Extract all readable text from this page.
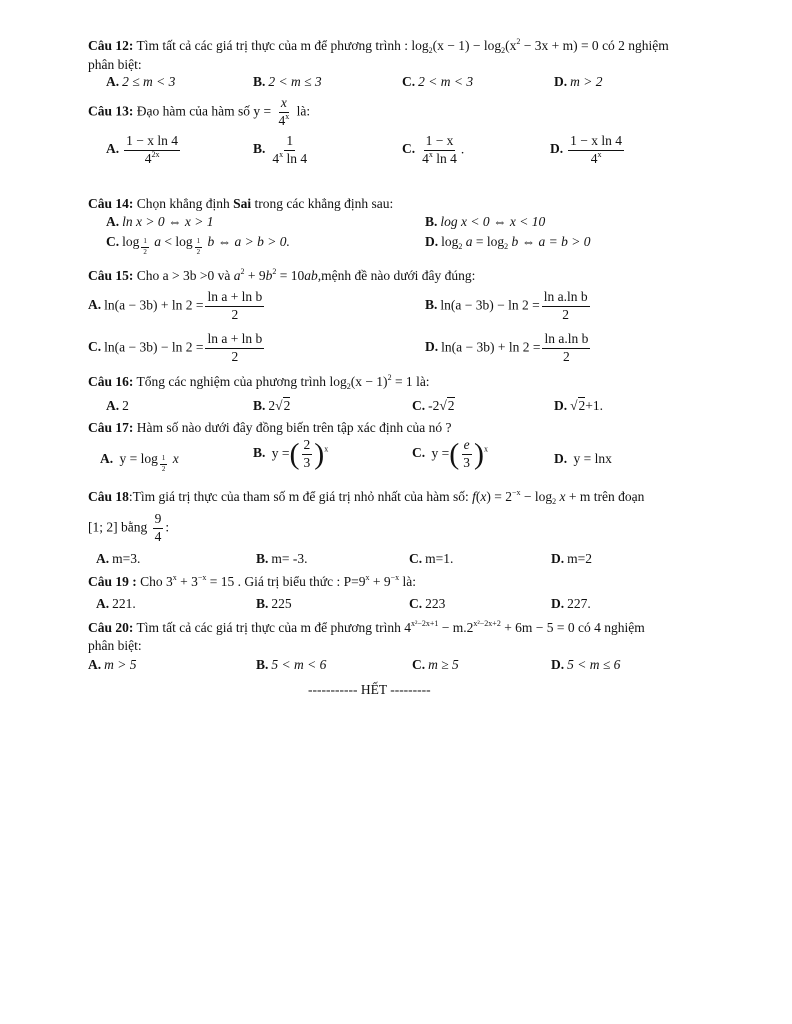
Câu 12: Tìm tất cả các giá trị thực của m để phương trình : $\log_2(x - 1) - \log_2(x^2 - 3x + m) = 0$ có 2 nghiệm
phân biệt:
A. 2 ≤ m < 3	B. 2 < m ≤ 3	C. 2 < m < 3	D. m > 2
Câu 13: Đạo hàm của hàm số $y = \frac{x}{4^x}$ là:
A. $\frac{\text{1 − x ln 4}}{4^{2x}}$	B. $\frac{1}{4^x \ln 4}$	C. $\frac{1 - x}{4^x \ln 4}$ .	D. $\frac{\text{1 − x ln 4}}{4^x}$
Câu 14: Chọn khẳng định Sai trong các khẳng định sau:
A. ln x > 0 ⇔ x > 1	B. log x < 0 ⇔ x < 10
C. log $_{\frac{1}{2}}$ a < log $_{\frac{1}{2}}$ b ⇔ a > b > 0.	D. $\log_2 a = \log_2 b$ ⇔ a = b > 0
Câu 15: Cho a > 3b >0 và $a^2 + 9b^2$ = 10ab,mệnh đề nào dưới đây đúng:
A. $\ln(a - 3b) + \ln 2 = \frac{\text{ln a + ln b}}{2}$	B. $\ln(a - 3b) - \ln 2 = \frac{\text{ln a.ln b}}{2}$
C. $\ln(a - 3b) - \ln 2 = \frac{\text{ln a + ln b}}{2}$	D. $\ln(a - 3b) + \ln 2 = \frac{\text{ln a.ln b}}{2}$
Câu 16: Tổng các nghiệm của phương trình $\log_2(x - 1)^2 = 1$ là:
A. 2	B. 2√2	C. -2√2	D. √2+1.
Câu 17: Hàm số nào dưới đây đồng biến trên tập xác định của nó ?
A. y = log $_{\frac{1}{2}}$ x	B. y =( $\frac{2}{3} )^x$	C. y =( $\frac{e}{3} )^x$
D. y = lnx
Câu 18:Tìm giá trị thực của tham số m để giá trị nhỏ nhất của hàm số: $f(x) = 2^{-x} - \log_2 x + m$ trên đoạn
[1; 2] bằng $\frac{9}{4}$ :
A. m=3.	B. m= -3.	C. m=1.	D. m=2
Câu 19 : Cho $3^x + 3^{-x} = 15$ . Giá trị biểu thức : $P=9^x + 9^{-x}$ là:
A. 221.	B. 225	C. 223	D. 227.
Câu 20: Tìm tất cả các giá trị thực của m để phương trình $4^{x^2-2x+1} - m.2^{x^2-2x+2} + 6m - 5 = 0$ có 4 nghiệm
phân biệt:
A. m > 5	B. 5 < m < 6	C. m ≥ 5	D. 5 < m ≤ 6
----------- HẾT ---------
